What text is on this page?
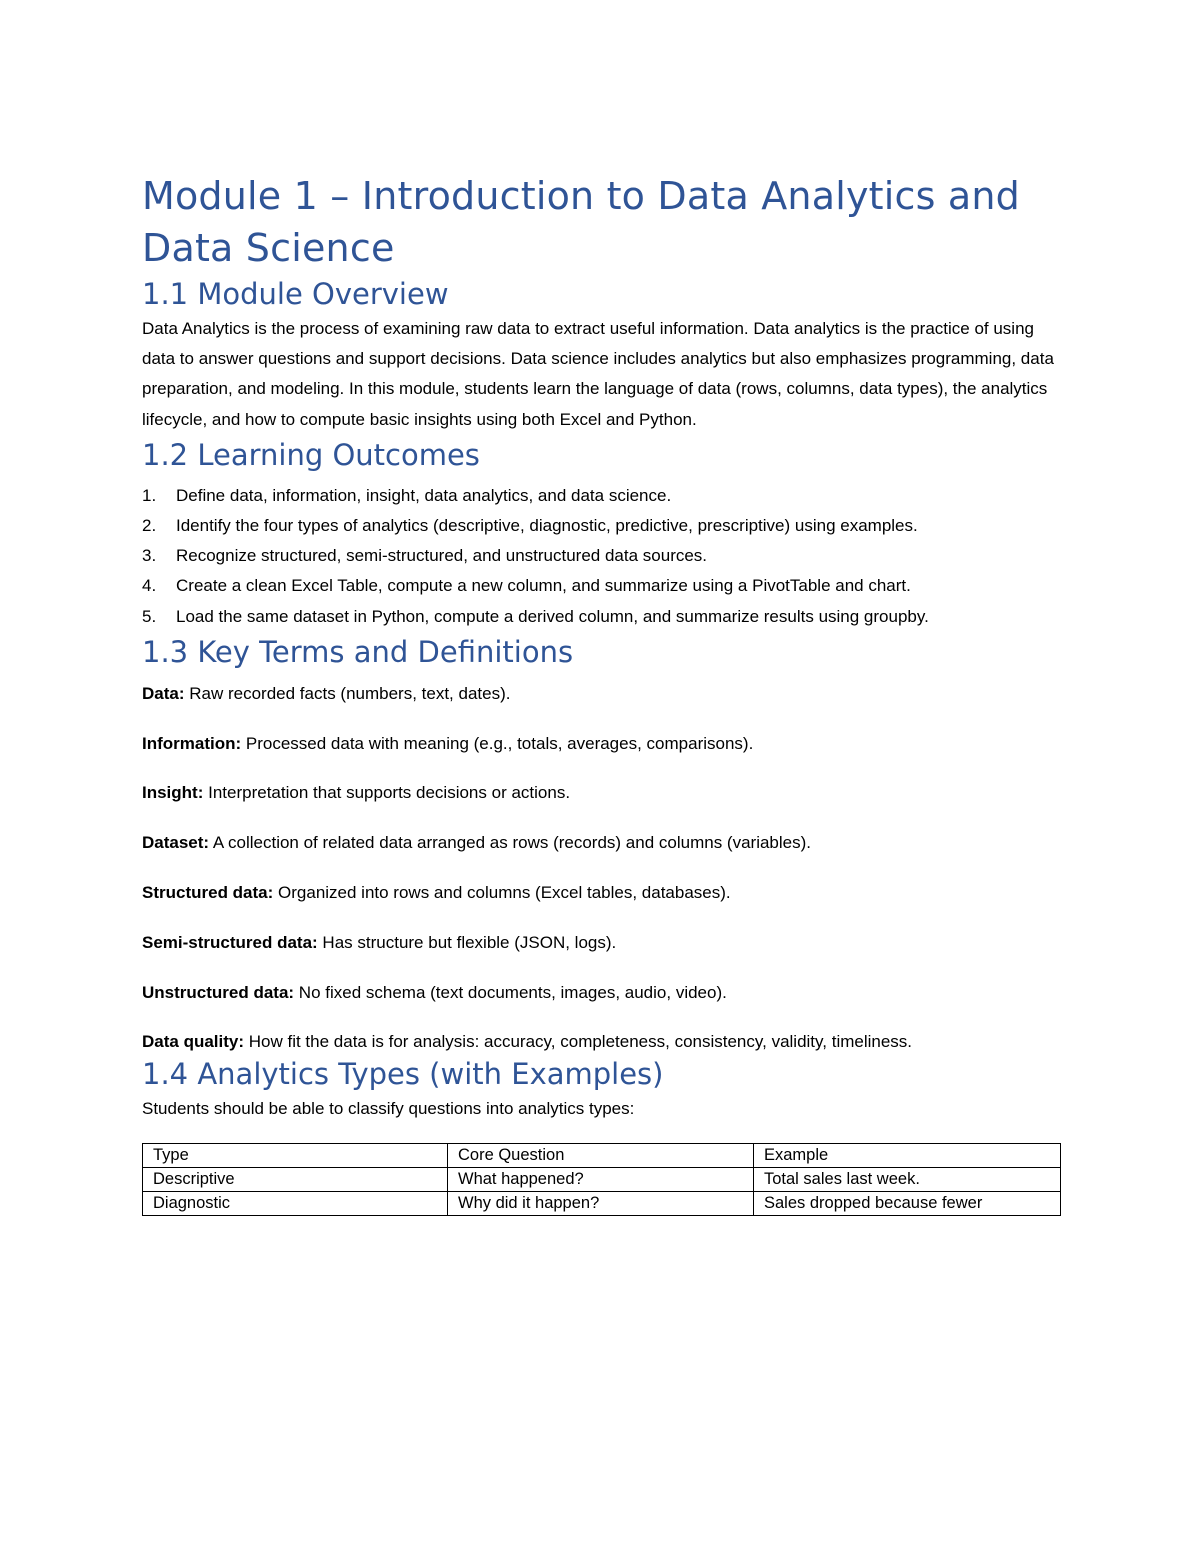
Module 1 – Introduction to Data Analytics and
Data Science
1.1 Module Overview

Data Analytics is the process of examining raw data to extract useful information. Data analytics is the practice of using data to answer questions and support decisions. Data science includes analytics but also emphasizes programming, data preparation, and modeling. In this module, students learn the language of data (rows, columns, data types), the analytics lifecycle, and how to compute basic insights using both Excel and Python.

1.2 Learning Outcomes
1. Define data, information, insight, data analytics, and data science.
2. Identify the four types of analytics (descriptive, diagnostic, predictive, prescriptive) using examples.
3. Recognize structured, semi-structured, and unstructured data sources.
4. Create a clean Excel Table, compute a new column, and summarize using a PivotTable and chart.
5. Load the same dataset in Python, compute a derived column, and summarize results using groupby.
1.3 Key Terms and Definitions

Data: Raw recorded facts (numbers, text, dates).

Information: Processed data with meaning (e.g., totals, averages, comparisons).

Insight: Interpretation that supports decisions or actions.

Dataset: A collection of related data arranged as rows (records) and columns (variables).

Structured data: Organized into rows and columns (Excel tables, databases).

Semi-structured data: Has structure but flexible (JSON, logs).

Unstructured data: No fixed schema (text documents, images, audio, video).

Data quality: How fit the data is for analysis: accuracy, completeness, consistency, validity, timeliness.

1.4 Analytics Types (with Examples)

Students should be able to classify questions into analytics types:

Type	Core Question	Example
Descriptive	What happened?	Total sales last week.
Diagnostic	Why did it happen?	Sales dropped because fewer
